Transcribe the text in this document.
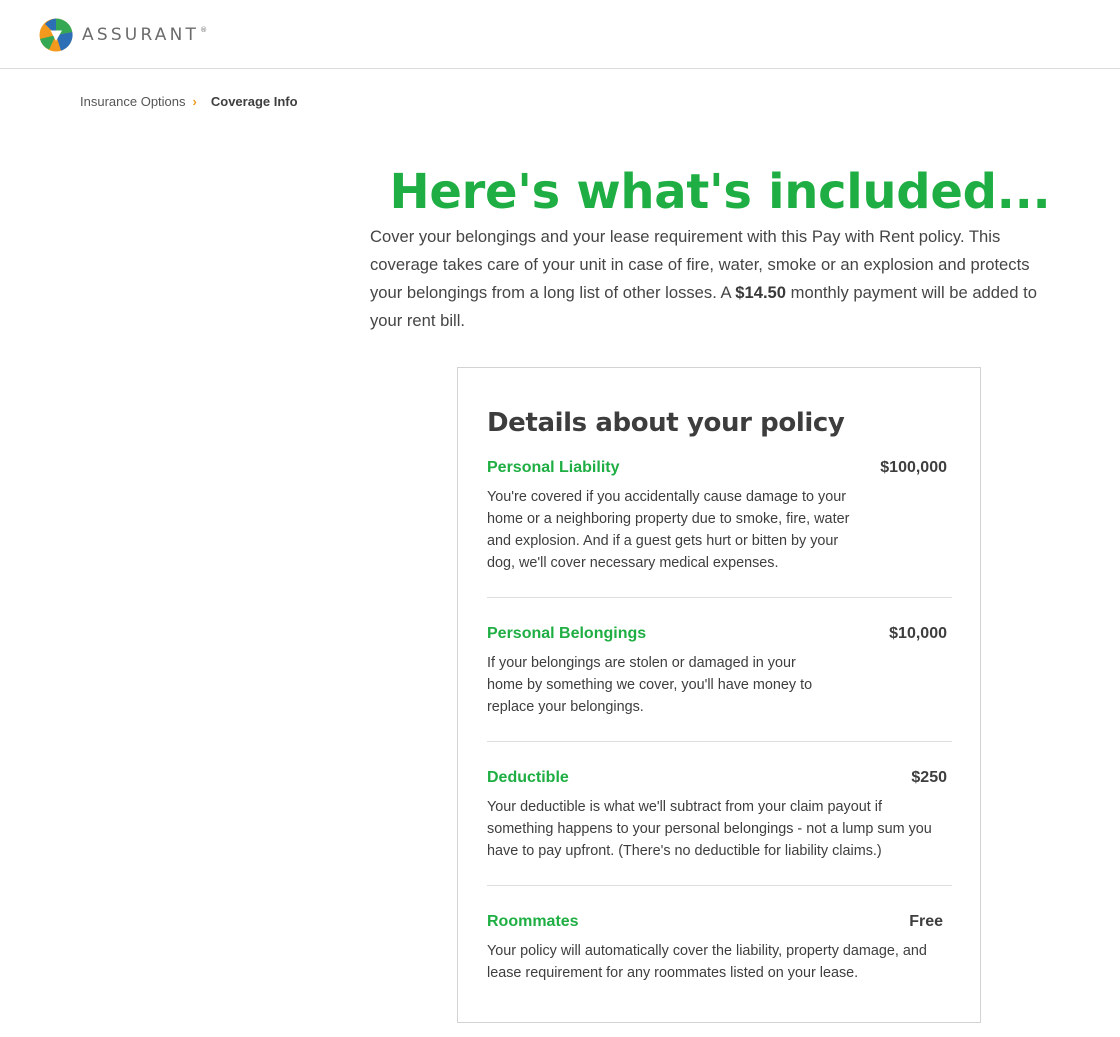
ASSURANT®
Insurance Options › Coverage Info
Here's what's included...

Cover your belongings and your lease requirement with this Pay with Rent policy. This coverage takes care of your unit in case of fire, water, smoke or an explosion and protects your belongings from a long list of other losses. A $14.50 monthly payment will be added to your rent bill.

Details about your policy
Personal Liability	$100,000
You're covered if you accidentally cause damage to your home or a neighboring property due to smoke, fire, water and explosion. And if a guest gets hurt or bitten by your dog, we'll cover necessary medical expenses.
Personal Belongings	$10,000
If your belongings are stolen or damaged in your home by something we cover, you'll have money to replace your belongings.
Deductible	$250
Your deductible is what we'll subtract from your claim payout if something happens to your personal belongings - not a lump sum you have to pay upfront. (There's no deductible for liability claims.)
Roommates	Free
Your policy will automatically cover the liability, property damage, and lease requirement for any roommates listed on your lease.
